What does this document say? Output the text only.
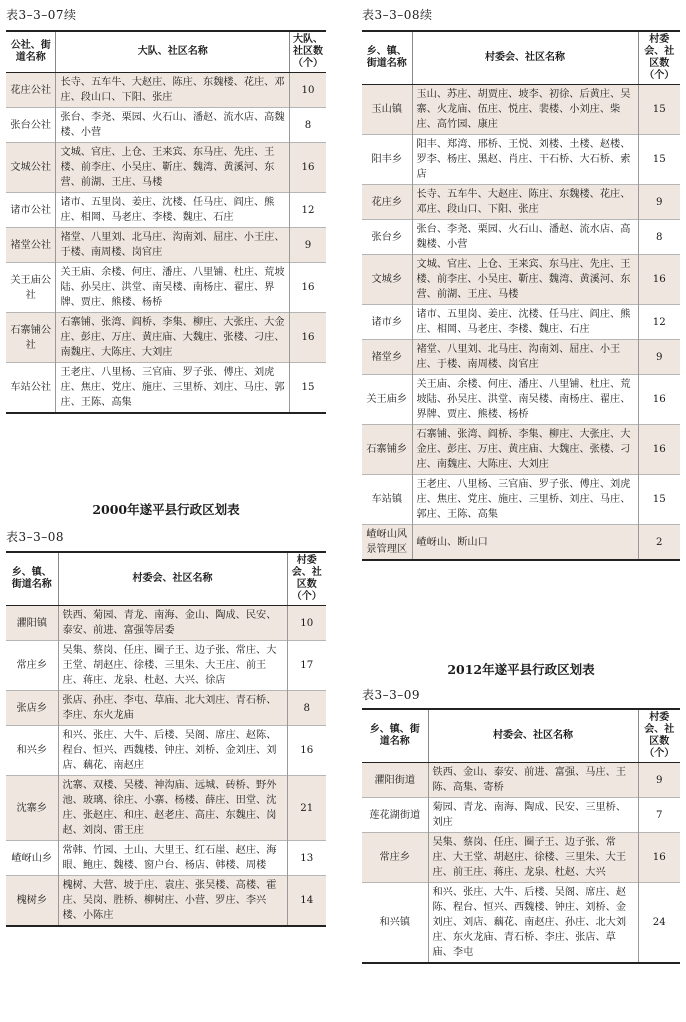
表3–3–07续
公社、街道名称	大队、社区名称	大队、社区数（个）
花庄公社	长寺、五车牛、大赵庄、陈庄、东魏楼、花庄、邓庄、段山口、下阳、张庄	10
张台公社	张台、李尧、栗园、火石山、潘赵、流水店、高魏楼、小营	8
文城公社	文城、官庄、上仓、王来宾、东马庄、先庄、王楼、前李庄、小吴庄、靳庄、魏湾、黄溪河、东营、前湖、王庄、马楼	16
诸市公社	诸市、五里岗、姜庄、沈楼、任马庄、阎庄、熊庄、相岡、马老庄、李楼、魏庄、石庄	12
褚堂公社	褚堂、八里刘、北马庄、沟南刘、屈庄、小王庄、于楼、南周楼、岗官庄	9
关王庙公社	关王庙、余楼、何庄、潘庄、八里铺、杜庄、荒坡陆、孙吴庄、洪堂、南吴楼、南杨庄、翟庄、界牌、贾庄、熊楼、杨桥	16
石寨铺公社	石寨铺、张湾、阎桥、李集、柳庄、大张庄、大金庄、彭庄、万庄、黄庄庙、大魏庄、张楼、刁庄、南魏庄、大陈庄、大刘庄	16
车站公社	王老庄、八里杨、三官庙、罗子张、傅庄、刘虎庄、焦庄、党庄、施庄、三里桥、刘庄、马庄、郭庄、王陈、高集	15
2000年遂平县行政区划表
表3–3–08
乡、镇、街道名称	村委会、社区名称	村委会、社区数（个）
灈阳镇	铁西、菊园、青龙、南海、金山、陶成、民安、泰安、前进、富强等居委	10
常庄乡	吴集、蔡岗、任庄、圈子王、边子张、常庄、大王堂、胡赵庄、徐楼、三里朱、大王庄、前王庄、蒋庄、龙泉、杜赵、大兴、徐店	17
张店乡	张店、孙庄、李屯、草庙、北大刘庄、青石桥、李庄、东火龙庙	8
和兴乡	和兴、张庄、大牛、后楼、吴阁、席庄、赵陈、程台、恒兴、西魏楼、钟庄、刘桥、金刘庄、刘店、藕花、南赵庄	16
沈寨乡	沈寨、双楼、吴楼、神沟庙、远城、砖桥、野外池、玻璃、徐庄、小寨、杨楼、薛庄、田堂、沈庄、张赵庄、和庄、赵老庄、高庄、东魏庄、岗赵、刘岗、雷王庄	21
嵖岈山乡	常韩、竹园、土山、大里王、红石崖、赵庄、海眼、鲍庄、魏楼、窗户台、杨店、韩楼、周楼	13
槐树乡	槐树、大营、坡于庄、袁庄、张吴楼、高楼、霍庄、吴岗、胜桥、柳树庄、小营、罗庄、李兴楼、小陈庄	14
表3–3–08续
乡、镇、街道名称	村委会、社区名称	村委会、社区数（个）
玉山镇	玉山、苏庄、胡贾庄、坡李、初徐、后黄庄、吴寨、火龙庙、伍庄、悦庄、裴楼、小刘庄、柴庄、高竹园、康庄	15
阳丰乡	阳丰、郑湾、邢桥、王悦、刘楼、土楼、赵楼、罗李、杨庄、黑赵、肖庄、干石桥、大石桥、索店	15
花庄乡	长寺、五车牛、大赵庄、陈庄、东魏楼、花庄、邓庄、段山口、下阳、张庄	9
张台乡	张台、李尧、栗园、火石山、潘赵、流水店、高魏楼、小营	8
文城乡	文城、官庄、上仓、王来宾、东马庄、先庄、王楼、前李庄、小吴庄、靳庄、魏湾、黄溪河、东营、前湖、王庄、马楼	16
诸市乡	诸市、五里岗、姜庄、沈楼、任马庄、阎庄、熊庄、相岡、马老庄、李楼、魏庄、石庄	12
褚堂乡	褚堂、八里刘、北马庄、沟南刘、屈庄、小王庄、于楼、南周楼、岗官庄	9
关王庙乡	关王庙、余楼、何庄、潘庄、八里铺、杜庄、荒坡陆、孙吴庄、洪堂、南吴楼、南杨庄、翟庄、界牌、贾庄、熊楼、杨桥	16
石寨铺乡	石寨铺、张湾、阎桥、李集、柳庄、大张庄、大金庄、彭庄、万庄、黄庄庙、大魏庄、张楼、刁庄、南魏庄、大陈庄、大刘庄	16
车站镇	王老庄、八里杨、三官庙、罗子张、傅庄、刘虎庄、焦庄、党庄、施庄、三里桥、刘庄、马庄、郭庄、王陈、高集	15
嵖岈山风景管理区	嵖岈山、断山口	2
2012年遂平县行政区划表
表3–3–09
乡、镇、街道名称	村委会、社区名称	村委会、社区数（个）
灈阳街道	铁西、金山、泰安、前进、富强、马庄、王陈、高集、寄桥	9
莲花湖街道	菊园、青龙、南海、陶成、民安、三里桥、刘庄	7
常庄乡	吴集、蔡岗、任庄、圈子王、边子张、常庄、大王堂、胡赵庄、徐楼、三里朱、大王庄、前王庄、蒋庄、龙泉、杜赵、大兴	16
和兴镇	和兴、张庄、大牛、后楼、吴阁、席庄、赵陈、程台、恒兴、西魏楼、钟庄、刘桥、金刘庄、刘店、藕花、南赵庄、孙庄、北大刘庄、东火龙庙、青石桥、李庄、张店、草庙、李屯	24
